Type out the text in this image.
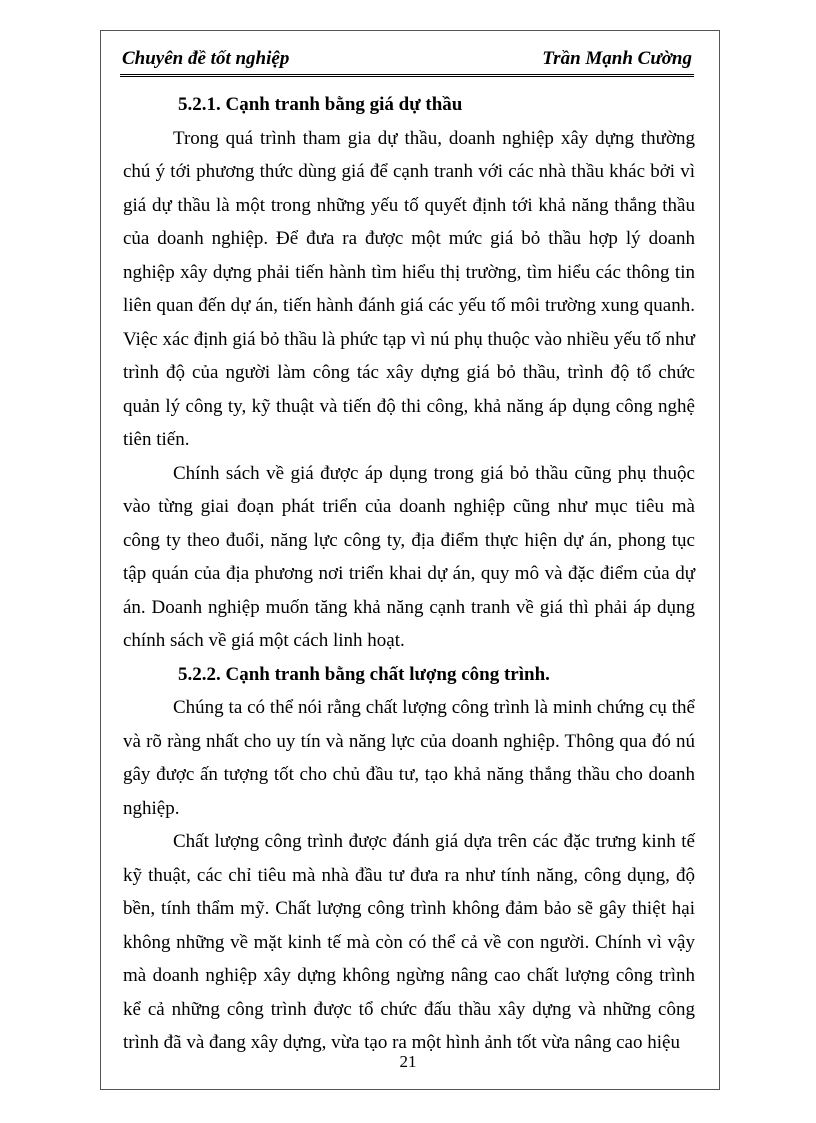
Chuyên đề tốt nghiệp	Trần Mạnh Cường

5.2.1. Cạnh tranh bằng giá dự thầu

Trong quá trình tham gia dự thầu, doanh nghiệp xây dựng thường chú ý tới phương thức dùng giá để cạnh tranh với các nhà thầu khác bởi vì giá dự thầu là một trong những yếu tố quyết định tới khả năng thắng thầu của doanh nghiệp. Để đưa ra được một mức giá bỏ thầu hợp lý doanh nghiệp xây dựng phải tiến hành tìm hiểu thị trường, tìm hiểu các thông tin liên quan đến dự án, tiến hành đánh giá các yếu tố môi trường xung quanh. Việc xác định giá bỏ thầu là phức tạp vì nú phụ thuộc vào nhiều yếu tố như trình độ của người làm công tác xây dựng giá bỏ thầu, trình độ tổ chức quản lý công ty, kỹ thuật và tiến độ thi công, khả năng áp dụng công nghệ tiên tiến.

Chính sách về giá được áp dụng trong giá bỏ thầu cũng phụ thuộc vào từng giai đoạn phát triển của doanh nghiệp cũng như mục tiêu mà công ty theo đuổi, năng lực công ty, địa điểm thực hiện dự án, phong tục tập quán của địa phương nơi triển khai dự án, quy mô và đặc điểm của dự án. Doanh nghiệp muốn tăng khả năng cạnh tranh về giá thì phải áp dụng chính sách về giá một cách linh hoạt.

5.2.2. Cạnh tranh bằng chất lượng công trình.

Chúng ta có thể nói rằng chất lượng công trình là minh chứng cụ thể và rõ ràng nhất cho uy tín và năng lực của doanh nghiệp. Thông qua đó nú gây được ấn tượng tốt cho chủ đầu tư, tạo khả năng thắng thầu cho doanh nghiệp.

Chất lượng công trình được đánh giá dựa trên các đặc trưng kinh tế kỹ thuật, các chỉ tiêu mà nhà đầu tư đưa ra như tính năng, công dụng, độ bền, tính thẩm mỹ. Chất lượng công trình không đảm bảo sẽ gây thiệt hại không những về mặt kinh tế mà còn có thể cả về con người. Chính vì vậy mà doanh nghiệp xây dựng không ngừng nâng cao chất lượng công trình kể cả những công trình được tổ chức đấu thầu xây dựng và những công trình đã và đang xây dựng, vừa tạo ra một hình ảnh tốt vừa nâng cao hiệu

21
